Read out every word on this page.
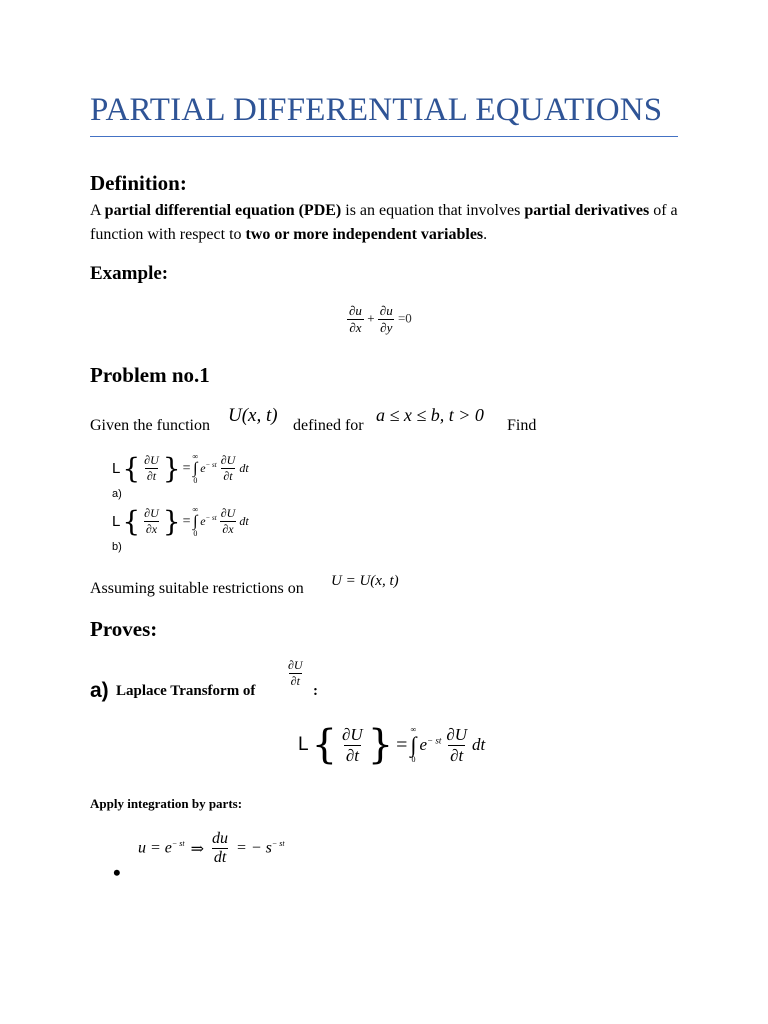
PARTIAL DIFFERENTIAL EQUATIONS
Definition:
A partial differential equation (PDE) is an equation that involves partial derivatives of a function with respect to two or more independent variables.
Example:
$\frac{\partial u}{\partial x} + \frac{\partial u}{\partial y} =0$
Problem no.1
Given the function U(x, t) defined for
a ≤ x ≤ b, t > 0
Find
L { $\frac{\partial U}{\partial t}$ } =
∞
∫
0
$e^{- st} \frac{\partial U}{\partial t}$ dt
a)
L { $\frac{\partial U}{\partial x}$ } =
∞
∫
0
$e^{- st} \frac{\partial U}{\partial x}$ dt
b)
Assuming suitable restrictions on U = U(x, t)
Proves:
a) Laplace Transform of
$\frac{\partial U}{\partial t}$
:
L { $\frac{\partial U}{\partial t}$ } =
∞
∫
0
$e^{- st} \frac{\partial U}{\partial t}$ dt
Apply integration by parts:
$u = e^{- st}$ ⇒ $\frac{du}{dt}$ = − $s^{- st}$
•
